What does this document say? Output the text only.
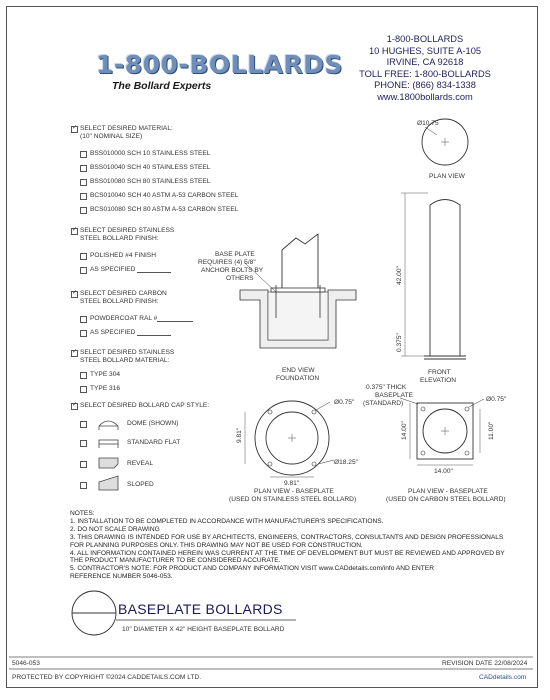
1-800-BOLLARDS
The Bollard Experts
1-800-BOLLARDS
10 HUGHES, SUITE A-105
IRVINE, CA 92618
TOLL FREE: 1-800-BOLLARDS
PHONE: (866) 834-1338
www.1800bollards.com
✓
SELECT DESIRED MATERIAL:
(10" NOMINAL SIZE)
BSS010000 SCH 10 STAINLESS STEEL
BSS010040 SCH 40 STAINLESS STEEL
BSS010080 SCH 80 STAINLESS STEEL
BCS010040 SCH 40 ASTM A-53 CARBON STEEL
BCS010080 SCH 80 ASTM A-53 CARBON STEEL
✓
SELECT DESIRED STAINLESS
STEEL BOLLARD FINISH:
POLISHED #4 FINISH
AS SPECIFIED
✓
SELECT DESIRED CARBON
STEEL BOLLARD FINISH:
POWDERCOAT RAL #
AS SPECIFIED
✓
SELECT DESIRED STAINLESS
STEEL BOLLARD MATERIAL:
TYPE 304
TYPE 316
✓
SELECT DESIRED BOLLARD CAP STYLE:
DOME (SHOWN)
STANDARD FLAT
REVEAL
SLOPED
Ø10.75
PLAN VIEW
42.00"
0.375"
FRONT
ELEVATION
BASE PLATE
REQUIRES (4) 5/8"
ANCHOR BOLTS BY
OTHERS
END VIEW
FOUNDATION
Ø0.75"
9.81"
9.81"
Ø18.25"
PLAN VIEW - BASEPLATE
(USED ON STAINLESS STEEL BOLLARD)
0.375" THICK
BASEPLATE
(STANDARD)
Ø0.75"
14.00"	11.00"
14.00"
PLAN VIEW - BASEPLATE
(USED ON CARBON STEEL BOLLARD)
NOTES:
1. INSTALLATION TO BE COMPLETED IN ACCORDANCE WITH MANUFACTURER'S SPECIFICATIONS.
2. DO NOT SCALE DRAWING
3. THIS DRAWING IS INTENDED FOR USE BY ARCHITECTS, ENGINEERS, CONTRACTORS, CONSULTANTS AND DESIGN PROFESSIONALS
FOR PLANNING PURPOSES ONLY. THIS DRAWING MAY NOT BE USED FOR CONSTRUCTION.
4. ALL INFORMATION CONTAINED HEREIN WAS CURRENT AT THE TIME OF DEVELOPMENT BUT MUST BE REVIEWED AND APPROVED BY
THE PRODUCT MANUFACTURER TO BE CONSIDERED ACCURATE.
5. CONTRACTOR'S NOTE: FOR PRODUCT AND COMPANY INFORMATION VISIT www.CADdetails.com/info AND ENTER
REFERENCE NUMBER 5046-053.
BASEPLATE BOLLARDS
10" DIAMETER X 42" HEIGHT BASEPLATE BOLLARD
5046-053	REVISION DATE 22/08/2024
PROTECTED BY COPYRIGHT ©2024 CADDETAILS.COM LTD.	CADdetails.com
